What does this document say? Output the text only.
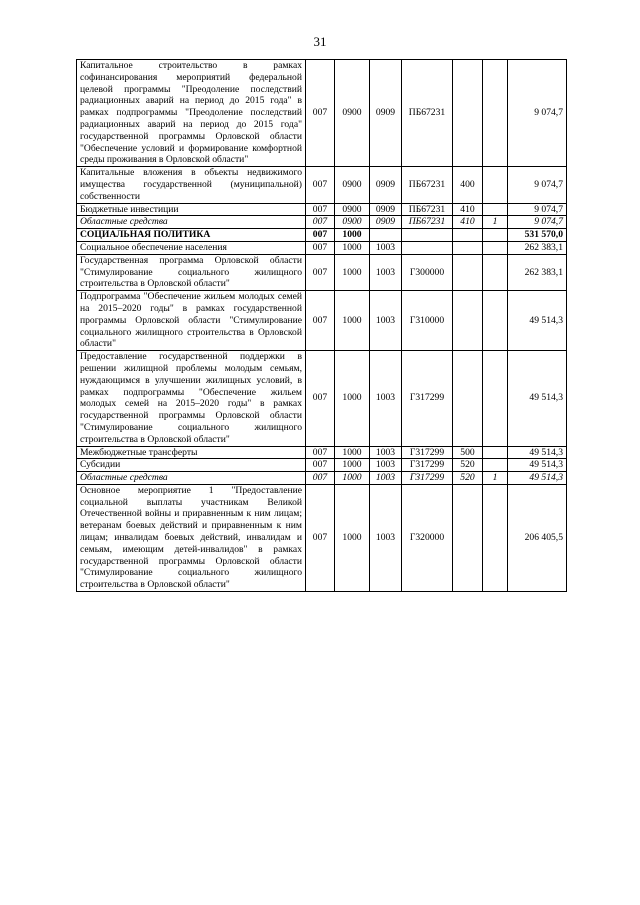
31
Капитальное строительство в рамках софинансирования мероприятий федеральной целевой программы "Преодоление последствий радиационных аварий на период до 2015 года" в рамках подпрограммы "Преодоление последствий радиационных аварий на период до 2015 года" государственной программы Орловской области "Обеспечение условий и формирование комфортной среды проживания в Орловской области"	007	0900	0909	ПБ67231			9 074,7
Капитальные вложения в объекты недвижимого имущества государственной (муниципальной) собственности	007	0900	0909	ПБ67231	400		9 074,7
Бюджетные инвестиции	007	0900	0909	ПБ67231	410		9 074,7
Областные средства	007	0900	0909	ПБ67231	410	1	9 074,7
СОЦИАЛЬНАЯ ПОЛИТИКА	007	1000					531 570,0
Социальное обеспечение населения	007	1000	1003				262 383,1
Государственная программа Орловской области "Стимулирование социального жилищного строительства в Орловской области"	007	1000	1003	Г300000			262 383,1
Подпрограмма "Обеспечение жильем молодых семей на 2015–2020 годы" в рамках государственной программы Орловской области "Стимулирование социального жилищного строительства в Орловской области"	007	1000	1003	Г310000			49 514,3
Предоставление государственной поддержки в решении жилищной проблемы молодым семьям, нуждающимся в улучшении жилищных условий, в рамках подпрограммы "Обеспечение жильем молодых семей на 2015–2020 годы" в рамках государственной программы Орловской области "Стимулирование социального жилищного строительства в Орловской области"	007	1000	1003	Г317299			49 514,3
Межбюджетные трансферты	007	1000	1003	Г317299	500		49 514,3
Субсидии	007	1000	1003	Г317299	520		49 514,3
Областные средства	007	1000	1003	Г317299	520	1	49 514,3
Основное мероприятие 1 "Предоставление социальной выплаты участникам Великой Отечественной войны и приравненным к ним лицам; ветеранам боевых действий и приравненным к ним лицам; инвалидам боевых действий, инвалидам и семьям, имеющим детей-инвалидов" в рамках государственной программы Орловской области "Стимулирование социального жилищного строительства в Орловской области"	007	1000	1003	Г320000			206 405,5
